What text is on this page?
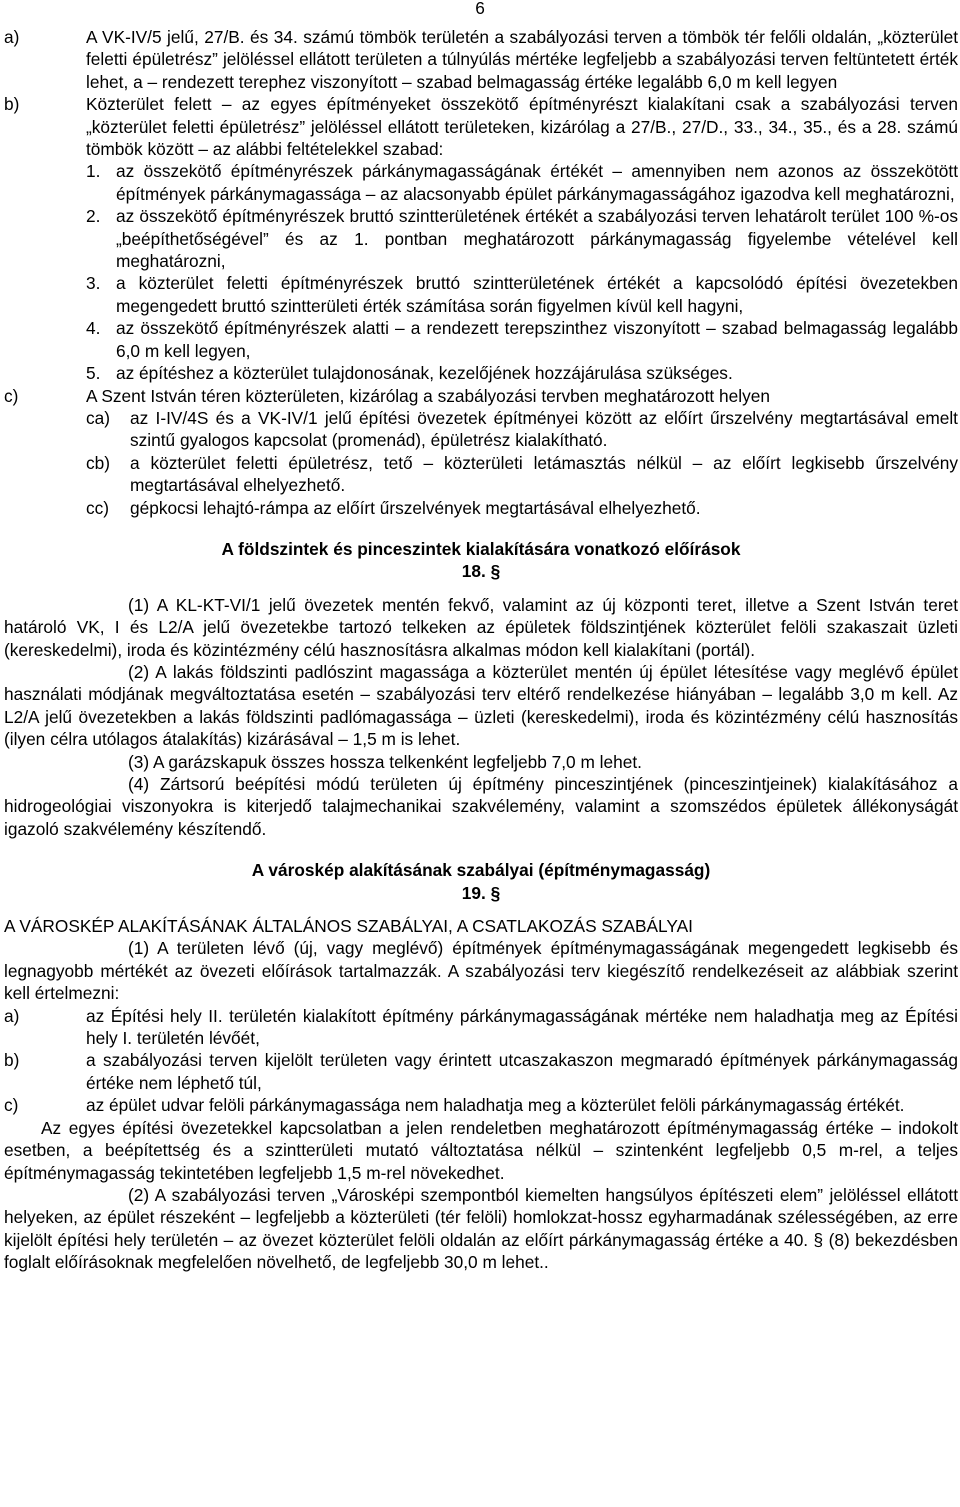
6
a)	A VK-IV/5 jelű, 27/B. és 34. számú tömbök területén a szabályozási terven a tömbök tér felőli oldalán, „közterület feletti épületrész” jelöléssel ellátott területen a túlnyúlás mértéke legfeljebb a szabályozási terven feltüntetett érték lehet, a – rendezett terephez viszonyított – szabad belmagasság értéke legalább 6,0 m kell legyen
b)	Közterület felett – az egyes építményeket összekötő építményrészt kialakítani csak a szabályozási terven „közterület feletti épületrész” jelöléssel ellátott területeken, kizárólag a 27/B., 27/D., 33., 34., 35., és a 28. számú tömbök között – az alábbi feltételekkel szabad:
1. az összekötő építményrészek párkánymagasságának értékét – amennyiben nem azonos az összekötött építmények párkánymagassága – az alacsonyabb épület párkánymagasságához igazodva kell meghatározni,
2. az összekötő építményrészek bruttó szintterületének értékét a szabályozási terven lehatárolt terület 100 %-os „beépíthetőségével” és az 1. pontban meghatározott párkánymagasság figyelembe vételével kell meghatározni,
3. a közterület feletti építményrészek bruttó szintterületének értékét a kapcsolódó építési övezetekben megengedett bruttó szintterületi érték számítása során figyelmen kívül kell hagyni,
4. az összekötő építményrészek alatti – a rendezett terepszinthez viszonyított – szabad belmagasság legalább 6,0 m kell legyen,
5. az építéshez a közterület tulajdonosának, kezelőjének hozzájárulása szükséges.
c)	A Szent István téren közterületen, kizárólag a szabályozási tervben meghatározott helyen
ca)	az I-IV/4S és a VK-IV/1 jelű építési övezetek építményei között az előírt űrszelvény megtartásával emelt szintű gyalogos kapcsolat (promenád), épületrész kialakítható.
cb)	a közterület feletti épületrész, tető – közterületi letámasztás nélkül – az előírt legkisebb űrszelvény megtartásával elhelyezhető.
cc)	gépkocsi lehajtó-rámpa az előírt űrszelvények megtartásával elhelyezhető.
A földszintek és pinceszintek kialakítására vonatkozó előírások
18. §
(1) A KL-KT-VI/1 jelű övezetek mentén fekvő, valamint az új központi teret, illetve a Szent István teret határoló VK, I és L2/A jelű övezetekbe tartozó telkeken az épületek földszintjének közterület felöli szakaszait üzleti (kereskedelmi), iroda és közintézmény célú hasznosításra alkalmas módon kell kialakítani (portál).
(2) A lakás földszinti padlószint magassága a közterület mentén új épület létesítése vagy meglévő épület használati módjának megváltoztatása esetén – szabályozási terv eltérő rendelkezése hiányában – legalább 3,0 m kell. Az L2/A jelű övezetekben a lakás földszinti padlómagassága – üzleti (kereskedelmi), iroda és közintézmény célú hasznosítás (ilyen célra utólagos átalakítás) kizárásával – 1,5 m is lehet.
(3) A garázskapuk összes hossza telkenként legfeljebb 7,0 m lehet.
(4) Zártsorú beépítési módú területen új építmény pinceszintjének (pinceszintjeinek) kialakításához a hidrogeológiai viszonyokra is kiterjedő talajmechanikai szakvélemény, valamint a szomszédos épületek állékonyságát igazoló szakvélemény készítendő.
A városkép alakításának szabályai (építménymagasság)
19. §
A VÁROSKÉP ALAKÍTÁSÁNAK ÁLTALÁNOS SZABÁLYAI, A CSATLAKOZÁS SZABÁLYAI
(1) A területen lévő (új, vagy meglévő) építmények építménymagasságának megengedett legkisebb és legnagyobb mértékét az övezeti előírások tartalmazzák. A szabályozási terv kiegészítő rendelkezéseit az alábbiak szerint kell értelmezni:
a)	az Építési hely II. területén kialakított építmény párkánymagasságának mértéke nem haladhatja meg az Építési hely I. területén lévőét,
b)	a szabályozási terven kijelölt területen vagy érintett utcaszakaszon megmaradó építmények párkánymagasság értéke nem léphető túl,
c)	az épület udvar felöli párkánymagassága nem haladhatja meg a közterület felöli párkánymagasság értékét.
Az egyes építési övezetekkel kapcsolatban a jelen rendeletben meghatározott építménymagasság értéke – indokolt esetben, a beépítettség és a szintterületi mutató változtatása nélkül – szintenként legfeljebb 0,5 m-rel, a teljes építménymagasság tekintetében legfeljebb 1,5 m-rel növekedhet.
(2) A szabályozási terven „Városképi szempontból kiemelten hangsúlyos építészeti elem” jelöléssel ellátott helyeken, az épület részeként – legfeljebb a közterületi (tér felöli) homlokzat-hossz egyharmadának szélességében, az erre kijelölt építési hely területén – az övezet közterület felöli oldalán az előírt párkánymagasság értéke a 40. § (8) bekezdésben foglalt előírásoknak megfelelően növelhető, de legfeljebb 30,0 m lehet..
